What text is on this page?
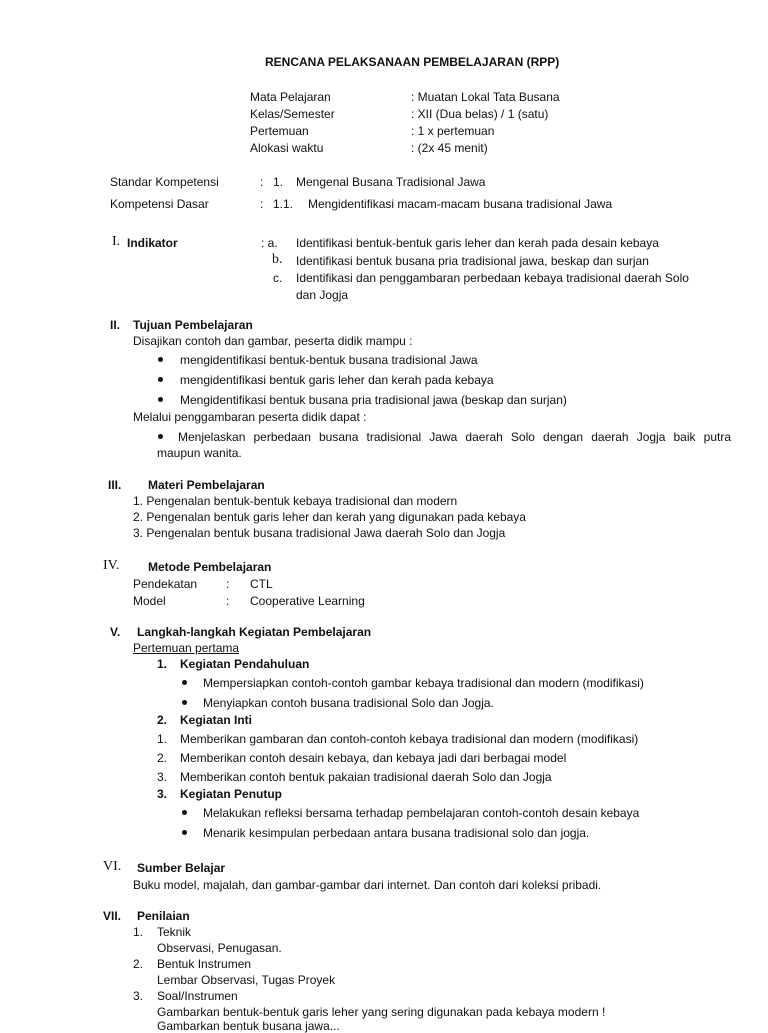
RENCANA PELAKSANAAN PEMBELAJARAN (RPP)
Mata Pelajaran	: Muatan Lokal Tata Busana
Kelas/Semester	: XII (Dua belas) / 1 (satu)
Pertemuan	: 1 x pertemuan
Alokasi waktu	: (2x 45 menit)
Standar Kompetensi	: 1. Mengenal Busana Tradisional Jawa
Kompetensi Dasar	: 1.1. Mengidentifikasi macam-macam busana tradisional Jawa
I. Indikator	: a. Identifikasi bentuk-bentuk garis leher dan kerah pada desain kebaya
b. Identifikasi bentuk busana pria tradisional jawa, beskap dan surjan
c. Identifikasi dan penggambaran perbedaan kebaya tradisional daerah Solo
dan Jogja
II. Tujuan Pembelajaran
Disajikan contoh dan gambar, peserta didik mampu :
mengidentifikasi bentuk-bentuk busana tradisional Jawa
mengidentifikasi bentuk garis leher dan kerah pada kebaya
Mengidentifikasi bentuk busana pria tradisional jawa (beskap dan surjan)
Melalui penggambaran peserta didik dapat :
Menjelaskan perbedaan busana tradisional Jawa daerah Solo dengan daerah Jogja baik putra
maupun wanita.
III. Materi Pembelajaran
1. Pengenalan bentuk-bentuk kebaya tradisional dan modern
2. Pengenalan bentuk garis leher dan kerah yang digunakan pada kebaya
3. Pengenalan bentuk busana tradisional Jawa daerah Solo dan Jogja
IV. Metode Pembelajaran
Pendekatan : CTL
Model	: Cooperative Learning
V. Langkah-langkah Kegiatan Pembelajaran
Pertemuan pertama
1. Kegiatan Pendahuluan
Mempersiapkan contoh-contoh gambar kebaya tradisional dan modern (modifikasi)
Menyiapkan contoh busana tradisional Solo dan Jogja.
2. Kegiatan Inti
1. Memberikan gambaran dan contoh-contoh kebaya tradisional dan modern (modifikasi)
2. Memberikan contoh desain kebaya, dan kebaya jadi dari berbagai model
3. Memberikan contoh bentuk pakaian tradisional daerah Solo dan Jogja
3. Kegiatan Penutup
Melakukan refleksi bersama terhadap pembelajaran contoh-contoh desain kebaya
Menarik kesimpulan perbedaan antara busana tradisional solo dan jogja.
VI. Sumber Belajar
Buku model, majalah, dan gambar-gambar dari internet. Dan contoh dari koleksi pribadi.
VII. Penilaian
1. Teknik
Observasi, Penugasan.
2. Bentuk Instrumen
Lembar Observasi, Tugas Proyek
3. Soal/Instrumen
Gambarkan bentuk-bentuk garis leher yang sering digunakan pada kebaya modern !
Gambarkan bentuk busana jawa...
